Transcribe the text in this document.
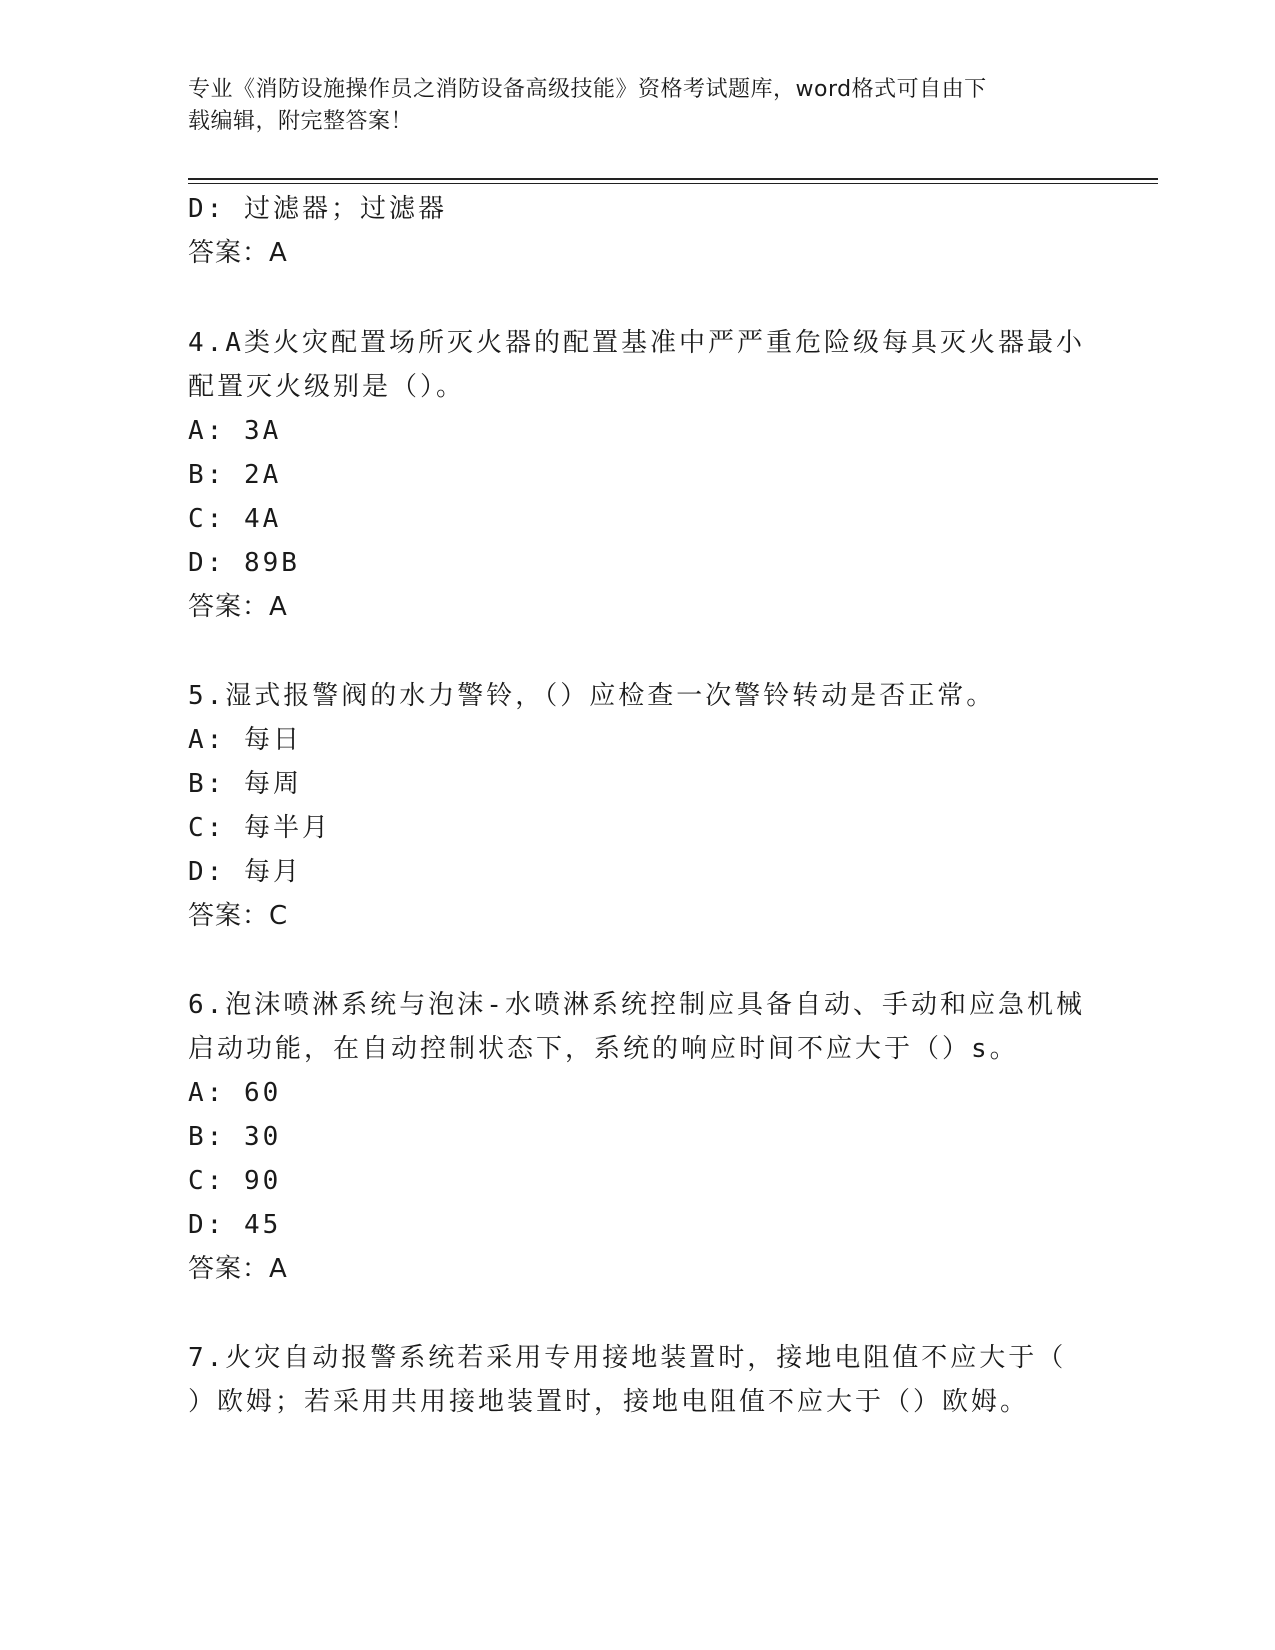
专业《消防设施操作员之消防设备高级技能》资格考试题库，word格式可自由下
载编辑，附完整答案！
D: 过滤器；过滤器
答案：A
4.A类火灾配置场所灭火器的配置基准中严严重危险级每具灭火器最小
配置灭火级别是（）。
A: 3A
B: 2A
C: 4A
D: 89B
答案：A
5.湿式报警阀的水力警铃，（）应检查一次警铃转动是否正常。
A: 每日
B: 每周
C: 每半月
D: 每月
答案：C
6.泡沫喷淋系统与泡沫-水喷淋系统控制应具备自动、手动和应急机械
启动功能，在自动控制状态下，系统的响应时间不应大于（）s。
A: 60
B: 30
C: 90
D: 45
答案：A
7.火灾自动报警系统若采用专用接地装置时，接地电阻值不应大于（
）欧姆；若采用共用接地装置时，接地电阻值不应大于（）欧姆。
